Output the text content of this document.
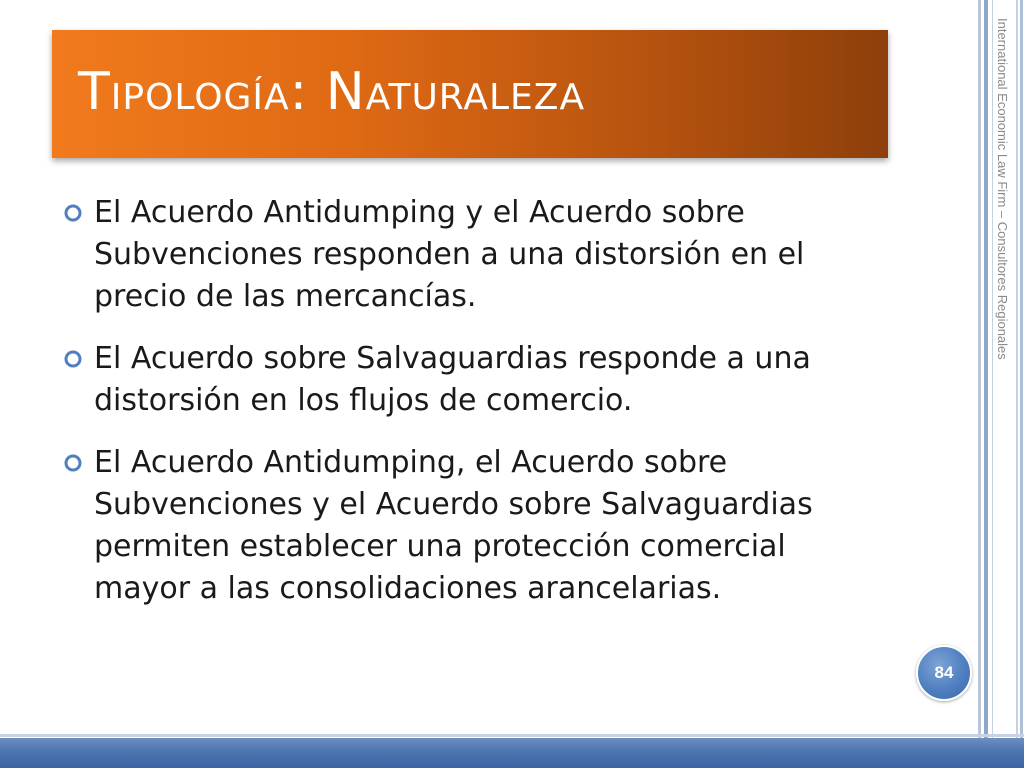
International Economic Law Firm – Consultores Regionales
Tipología: Naturaleza
El Acuerdo Antidumping y el Acuerdo sobre Subvenciones responden a una distorsión en el precio de las mercancías.
El Acuerdo sobre Salvaguardias responde a una distorsión en los flujos de comercio.
El Acuerdo Antidumping, el Acuerdo sobre Subvenciones y el Acuerdo sobre Salvaguardias permiten establecer una protección comercial mayor a las consolidaciones arancelarias.
84
